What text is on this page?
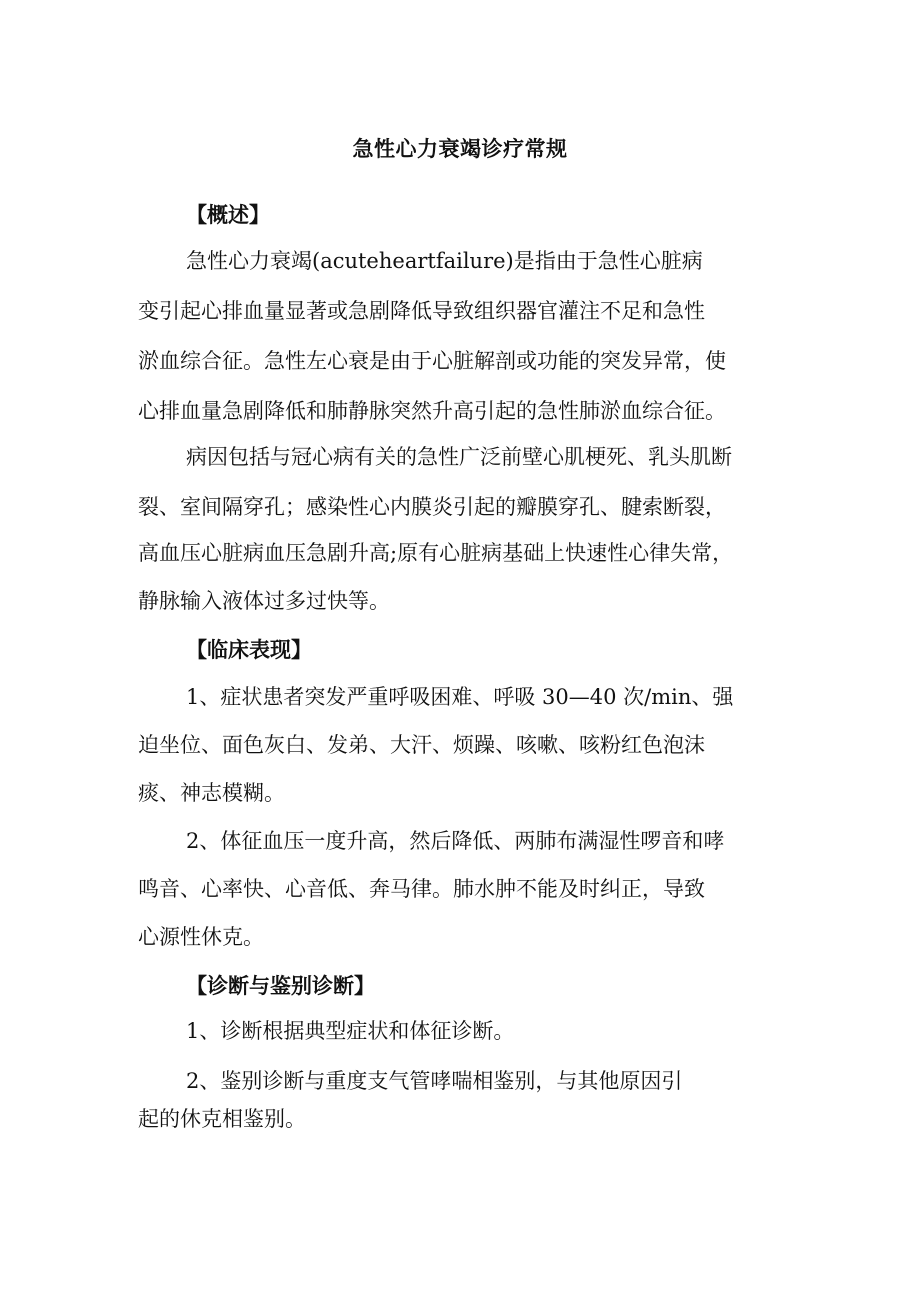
急性心力衰竭诊疗常规
【概述】

急性心力衰竭(acuteheartfailure)是指由于急性心脏病

变引起心排血量显著或急剧降低导致组织器官灌注不足和急性

淤血综合征。急性左心衰是由于心脏解剖或功能的突发异常，使

心排血量急剧降低和肺静脉突然升高引起的急性肺淤血综合征。

病因包括与冠心病有关的急性广泛前壁心肌梗死、乳头肌断

裂、室间隔穿孔；感染性心内膜炎引起的瓣膜穿孔、腱索断裂，

高血压心脏病血压急剧升高;原有心脏病基础上快速性心律失常，

静脉输入液体过多过快等。

【临床表现】

1、症状患者突发严重呼吸困难、呼吸 30—40 次/min、强

迫坐位、面色灰白、发弟、大汗、烦躁、咳嗽、咳粉红色泡沫

痰、神志模糊。

2、体征血压一度升高，然后降低、两肺布满湿性啰音和哮

鸣音、心率快、心音低、奔马律。肺水肿不能及时纠正，导致

心源性休克。

【诊断与鉴别诊断】

1、诊断根据典型症状和体征诊断。

2、鉴别诊断与重度支气管哮喘相鉴别，与其他原因引

起的休克相鉴别。
